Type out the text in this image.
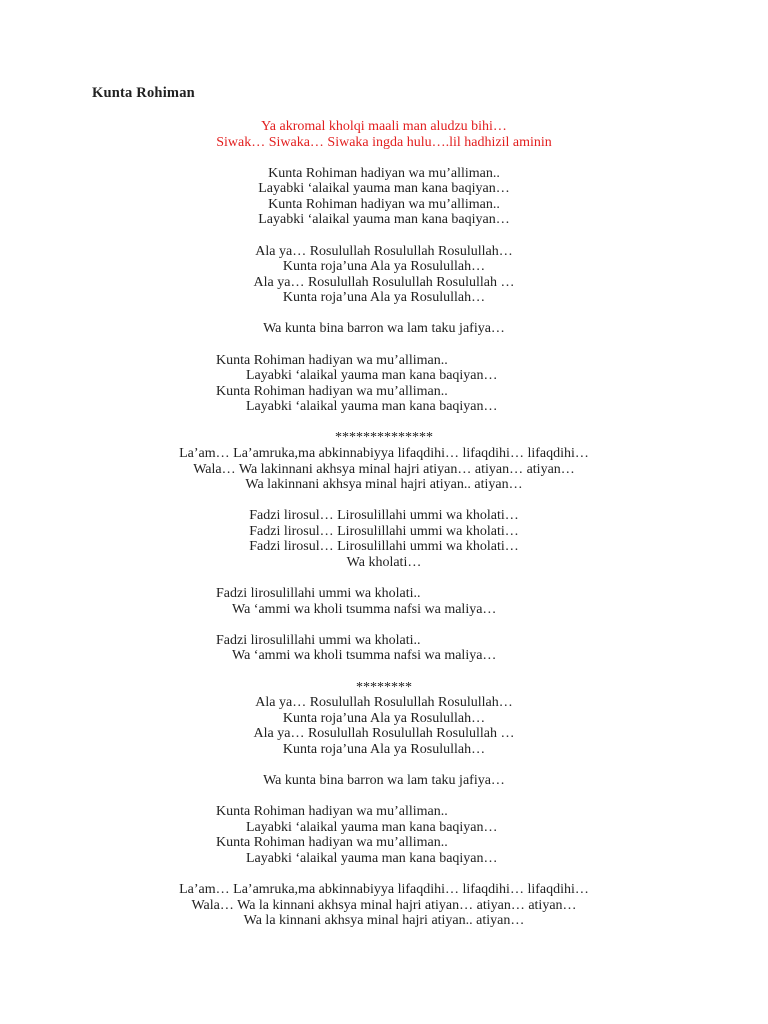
Kunta Rohiman
Ya akromal kholqi maali man aludzu bihi…
Siwak… Siwaka… Siwaka ingda hulu….lil hadhizil aminin
Kunta Rohiman hadiyan wa mu’alliman..
Layabki ‘alaikal yauma man kana baqiyan…
Kunta Rohiman hadiyan wa mu’alliman..
Layabki ‘alaikal yauma man kana baqiyan…
Ala ya… Rosulullah Rosulullah Rosulullah…
Kunta roja’una Ala ya Rosulullah…
Ala ya… Rosulullah Rosulullah Rosulullah …
Kunta roja’una Ala ya Rosulullah…
Wa kunta bina barron wa lam taku jafiya…
Kunta Rohiman hadiyan wa mu’alliman..
Layabki ‘alaikal yauma man kana baqiyan…
Kunta Rohiman hadiyan wa mu’alliman..
Layabki ‘alaikal yauma man kana baqiyan…
**************
La’am… La’amruka,ma abkinnabiyya lifaqdihi… lifaqdihi… lifaqdihi…
Wala… Wa lakinnani akhsya minal hajri atiyan… atiyan… atiyan…
Wa lakinnani akhsya minal hajri atiyan.. atiyan…
Fadzi lirosul… Lirosulillahi ummi wa kholati…
Fadzi lirosul… Lirosulillahi ummi wa kholati…
Fadzi lirosul… Lirosulillahi ummi wa kholati…
Wa kholati…
Fadzi lirosulillahi ummi wa kholati..
Wa ‘ammi wa kholi tsumma nafsi wa maliya…
Fadzi lirosulillahi ummi wa kholati..
Wa ‘ammi wa kholi tsumma nafsi wa maliya…
********
Ala ya… Rosulullah Rosulullah Rosulullah…
Kunta roja’una Ala ya Rosulullah…
Ala ya… Rosulullah Rosulullah Rosulullah …
Kunta roja’una Ala ya Rosulullah…
Wa kunta bina barron wa lam taku jafiya…
Kunta Rohiman hadiyan wa mu’alliman..
Layabki ‘alaikal yauma man kana baqiyan…
Kunta Rohiman hadiyan wa mu’alliman..
Layabki ‘alaikal yauma man kana baqiyan…
La’am… La’amruka,ma abkinnabiyya lifaqdihi… lifaqdihi… lifaqdihi…
Wala… Wa la kinnani akhsya minal hajri atiyan… atiyan… atiyan…
Wa la kinnani akhsya minal hajri atiyan.. atiyan…
